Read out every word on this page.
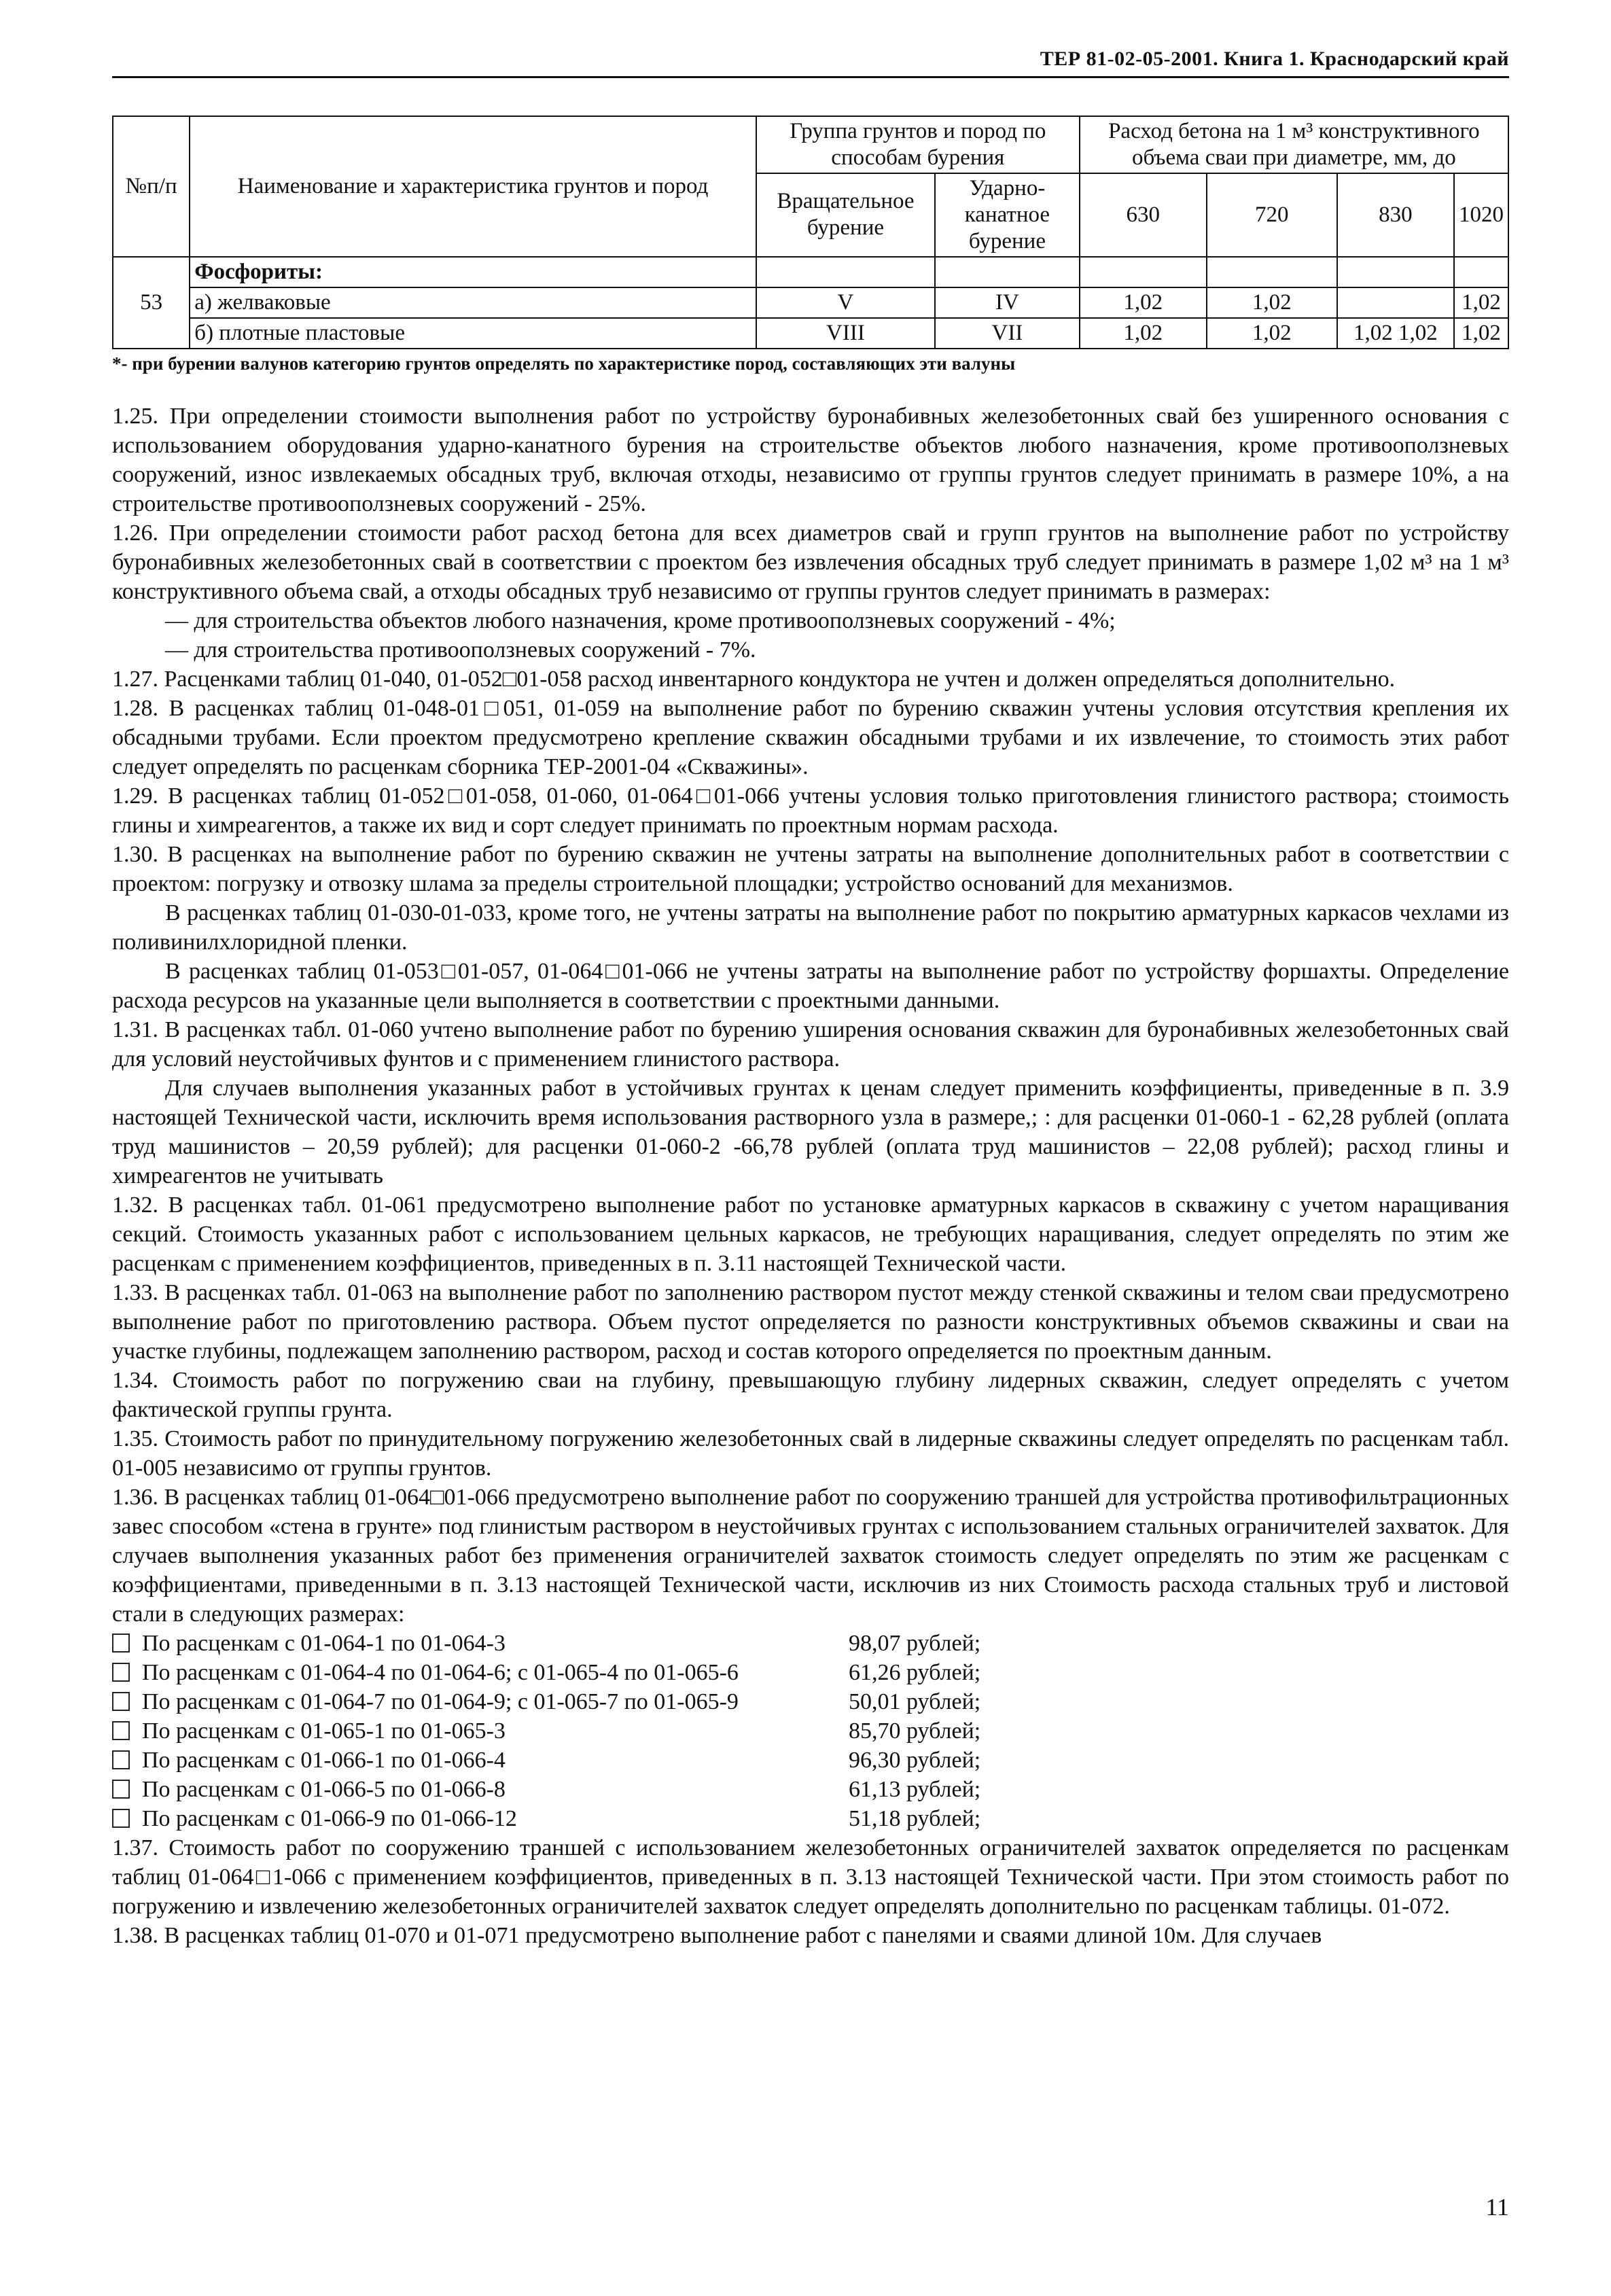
ТЕР 81-02-05-2001. Книга 1. Краснодарский край
№п/п	Наименование и характеристика грунтов и пород	Группа грунтов и пород по способам бурения		Расход бетона на 1 м³ конструктивного объема сваи при диаметре, мм, до			
		Вращательное бурение	Ударно-канатное бурение	630	720	830	1020
53	Фосфориты:						
	а) желваковые	V	IV	1,02	1,02		1,02
	б) плотные пластовые	VIII	VII	1,02	1,02	1,02 1,02	1,02
*- при бурении валунов категорию грунтов определять по характеристике пород, составляющих эти валуны

1.25. При определении стоимости выполнения работ по устройству буронабивных железобетонных свай без уширенного основания с использованием оборудования ударно-канатного бурения на строительстве объектов любого назначения, кроме противооползневых сооружений, износ извлекаемых обсадных труб, включая отходы, независимо от группы грунтов следует принимать в размере 10%, а на строительстве противооползневых сооружений - 25%.

1.26. При определении стоимости работ расход бетона для всех диаметров свай и групп грунтов на выполнение работ по устройству буронабивных железобетонных свай в соответствии с проектом без извлечения обсадных труб следует принимать в размере 1,02 м³ на 1 м³ конструктивного объема свай, а отходы обсадных труб независимо от группы грунтов следует принимать в размерах:

— для строительства объектов любого назначения, кроме противооползневых сооружений - 4%;

— для строительства противооползневых сооружений - 7%.

1.27. Расценками таблиц 01-040, 01-052□01-058 расход инвентарного кондуктора не учтен и должен определяться дополнительно.

1.28. В расценках таблиц 01-048-01□051, 01-059 на выполнение работ по бурению скважин учтены условия отсутствия крепления их обсадными трубами. Если проектом предусмотрено крепление скважин обсадными трубами и их извлечение, то стоимость этих работ следует определять по расценкам сборника ТЕР-2001-04 «Скважины».

1.29. В расценках таблиц 01-052□01-058, 01-060, 01-064□01-066 учтены условия только приготовления глинистого раствора; стоимость глины и химреагентов, а также их вид и сорт следует принимать по проектным нормам расхода.

1.30. В расценках на выполнение работ по бурению скважин не учтены затраты на выполнение дополнительных работ в соответствии с проектом: погрузку и отвозку шлама за пределы строительной площадки; устройство оснований для механизмов.

В расценках таблиц 01-030-01-033, кроме того, не учтены затраты на выполнение работ по покрытию арматурных каркасов чехлами из поливинилхлоридной пленки.

В расценках таблиц 01-053□01-057, 01-064□01-066 не учтены затраты на выполнение работ по устройству форшахты. Определение расхода ресурсов на указанные цели выполняется в соответствии с проектными данными.

1.31. В расценках табл. 01-060 учтено выполнение работ по бурению уширения основания скважин для буронабивных железобетонных свай для условий неустойчивых фунтов и с применением глинистого раствора.

Для случаев выполнения указанных работ в устойчивых грунтах к ценам следует применить коэффициенты, приведенные в п. 3.9 настоящей Технической части, исключить время использования растворного узла в размере,; : для расценки 01-060-1 - 62,28 рублей (оплата труд машинистов – 20,59 рублей); для расценки 01-060-2 -66,78 рублей (оплата труд машинистов – 22,08 рублей); расход глины и химреагентов не учитывать

1.32. В расценках табл. 01-061 предусмотрено выполнение работ по установке арматурных каркасов в скважину с учетом наращивания секций. Стоимость указанных работ с использованием цельных каркасов, не требующих наращивания, следует определять по этим же расценкам с применением коэффициентов, приведенных в п. 3.11 настоящей Технической части.

1.33. В расценках табл. 01-063 на выполнение работ по заполнению раствором пустот между стенкой скважины и телом сваи предусмотрено выполнение работ по приготовлению раствора. Объем пустот определяется по разности конструктивных объемов скважины и сваи на участке глубины, подлежащем заполнению раствором, расход и состав которого определяется по проектным данным.

1.34. Стоимость работ по погружению сваи на глубину, превышающую глубину лидерных скважин, следует определять с учетом фактической группы грунта.

1.35. Стоимость работ по принудительному погружению железобетонных свай в лидерные скважины следует определять по расценкам табл. 01-005 независимо от группы грунтов.

1.36. В расценках таблиц 01-064□01-066 предусмотрено выполнение работ по сооружению траншей для устройства противофильтрационных завес способом «стена в грунте» под глинистым раствором в неустойчивых грунтах с использованием стальных ограничителей захваток. Для случаев выполнения указанных работ без применения ограничителей захваток стоимость следует определять по этим же расценкам с коэффициентами, приведенными в п. 3.13 настоящей Технической части, исключив из них Стоимость расхода стальных труб и листовой стали в следующих размерах:

По расценкам с 01-064-1 по 01-064-3	98,07 рублей;
По расценкам с 01-064-4 по 01-064-6; с 01-065-4 по 01-065-6	61,26 рублей;
По расценкам с 01-064-7 по 01-064-9; с 01-065-7 по 01-065-9	50,01 рублей;
По расценкам с 01-065-1 по 01-065-3	85,70 рублей;
По расценкам с 01-066-1 по 01-066-4	96,30 рублей;
По расценкам с 01-066-5 по 01-066-8	61,13 рублей;
По расценкам с 01-066-9 по 01-066-12	51,18 рублей;

1.37. Стоимость работ по сооружению траншей с использованием железобетонных ограничителей захваток определяется по расценкам таблиц 01-064□1-066 с применением коэффициентов, приведенных в п. 3.13 настоящей Технической части. При этом стоимость работ по погружению и извлечению железобетонных ограничителей захваток следует определять дополнительно по расценкам таблицы. 01-072.

1.38. В расценках таблиц 01-070 и 01-071 предусмотрено выполнение работ с панелями и сваями длиной 10м. Для случаев

11
